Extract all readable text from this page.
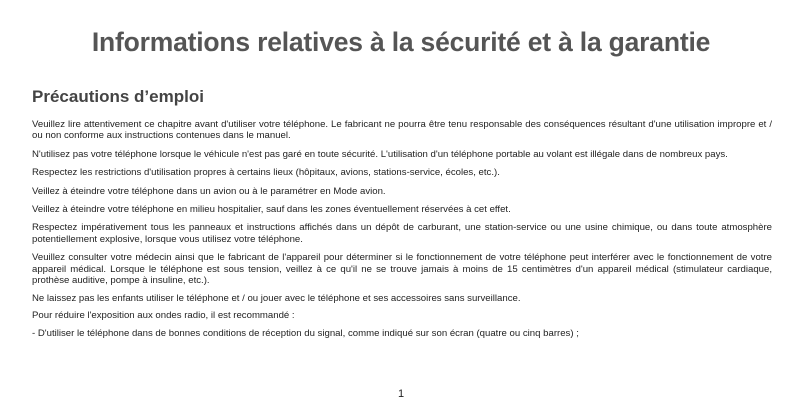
Informations relatives à la sécurité et à la garantie
Précautions d’emploi

Veuillez lire attentivement ce chapitre avant d'utiliser votre téléphone. Le fabricant ne pourra être tenu responsable des conséquences résultant d'une utilisation impropre et / ou non conforme aux instructions contenues dans le manuel.

N'utilisez pas votre téléphone lorsque le véhicule n'est pas garé en toute sécurité. L'utilisation d'un téléphone portable au volant est illégale dans de nombreux pays.

Respectez les restrictions d'utilisation propres à certains lieux (hôpitaux, avions, stations-service, écoles, etc.).

Veillez à éteindre votre téléphone dans un avion ou à le paramétrer en Mode avion.

Veillez à éteindre votre téléphone en milieu hospitalier, sauf dans les zones éventuellement réservées à cet effet.

Respectez impérativement tous les panneaux et instructions affichés dans un dépôt de carburant, une station-service ou une usine chimique, ou dans toute atmosphère potentiellement explosive, lorsque vous utilisez votre téléphone.

Veuillez consulter votre médecin ainsi que le fabricant de l'appareil pour déterminer si le fonctionnement de votre téléphone peut interférer avec le fonctionnement de votre appareil médical. Lorsque le téléphone est sous tension, veillez à ce qu'il ne se trouve jamais à moins de 15 centimètres d'un appareil médical (stimulateur cardiaque, prothèse auditive, pompe à insuline, etc.).

Ne laissez pas les enfants utiliser le téléphone et / ou jouer avec le téléphone et ses accessoires sans surveillance.

Pour réduire l'exposition aux ondes radio, il est recommandé :

- D'utiliser le téléphone dans de bonnes conditions de réception du signal, comme indiqué sur son écran (quatre ou cinq barres) ;

1
